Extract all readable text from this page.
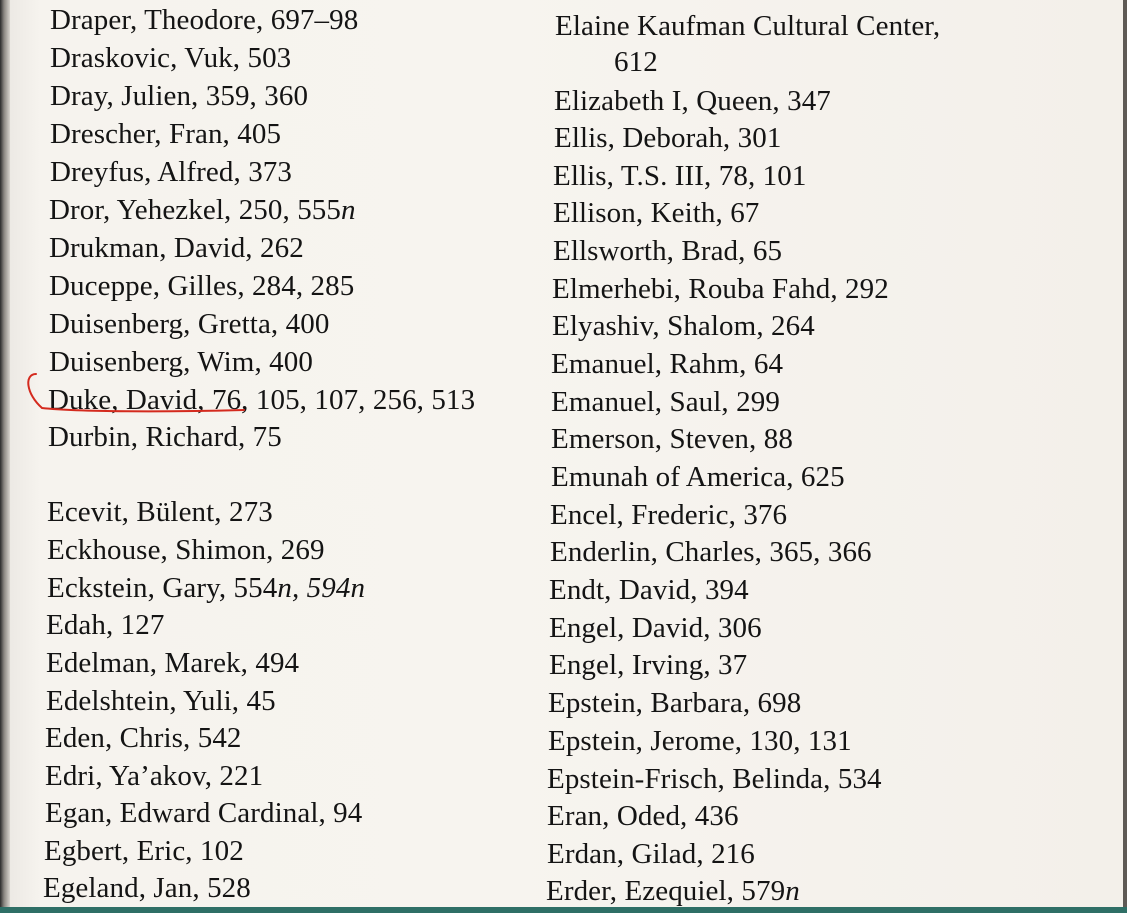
Draper, Theodore, 697–98
Draskovic, Vuk, 503
Dray, Julien, 359, 360
Drescher, Fran, 405
Dreyfus, Alfred, 373
Dror, Yehezkel, 250, 555n
Drukman, David, 262
Duceppe, Gilles, 284, 285
Duisenberg, Gretta, 400
Duisenberg, Wim, 400
Duke, David, 76, 105, 107, 256, 513
Durbin, Richard, 75
Ecevit, Bülent, 273
Eckhouse, Shimon, 269
Eckstein, Gary, 554n, 594n
Edah, 127
Edelman, Marek, 494
Edelshtein, Yuli, 45
Eden, Chris, 542
Edri, Ya’akov, 221
Egan, Edward Cardinal, 94
Egbert, Eric, 102
Egeland, Jan, 528
Elaine Kaufman Cultural Center,
612
Elizabeth I, Queen, 347
Ellis, Deborah, 301
Ellis, T.S. III, 78, 101
Ellison, Keith, 67
Ellsworth, Brad, 65
Elmerhebi, Rouba Fahd, 292
Elyashiv, Shalom, 264
Emanuel, Rahm, 64
Emanuel, Saul, 299
Emerson, Steven, 88
Emunah of America, 625
Encel, Frederic, 376
Enderlin, Charles, 365, 366
Endt, David, 394
Engel, David, 306
Engel, Irving, 37
Epstein, Barbara, 698
Epstein, Jerome, 130, 131
Epstein-Frisch, Belinda, 534
Eran, Oded, 436
Erdan, Gilad, 216
Erder, Ezequiel, 579n
